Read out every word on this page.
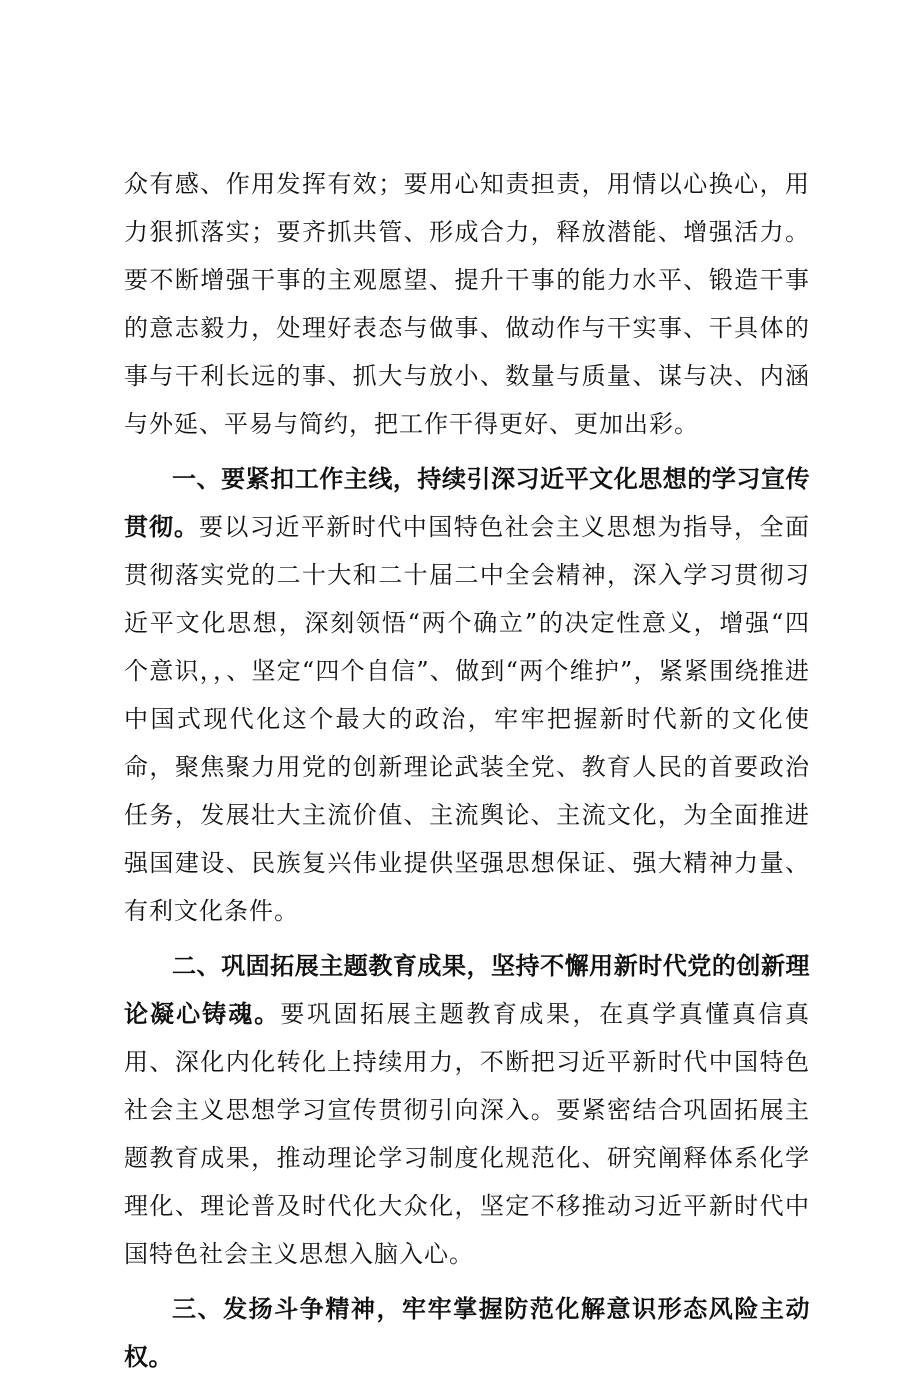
众有感、作用发挥有效；要用心知责担责，用情以心换心，用力狠抓落实；要齐抓共管、形成合力，释放潜能、增强活力。要不断增强干事的主观愿望、提升干事的能力水平、锻造干事的意志毅力，处理好表态与做事、做动作与干实事、干具体的事与干利长远的事、抓大与放小、数量与质量、谋与决、内涵与外延、平易与简约，把工作干得更好、更加出彩。

一、要紧扣工作主线，持续引深习近平文化思想的学习宣传贯彻。要以习近平新时代中国特色社会主义思想为指导，全面贯彻落实党的二十大和二十届二中全会精神，深入学习贯彻习近平文化思想，深刻领悟“两个确立”的决定性意义，增强“四个意识，，、坚定“四个自信”、做到“两个维护”，紧紧围绕推进中国式现代化这个最大的政治，牢牢把握新时代新的文化使命，聚焦聚力用党的创新理论武装全党、教育人民的首要政治任务，发展壮大主流价值、主流舆论、主流文化，为全面推进强国建设、民族复兴伟业提供坚强思想保证、强大精神力量、有利文化条件。

二、巩固拓展主题教育成果，坚持不懈用新时代党的创新理论凝心铸魂。要巩固拓展主题教育成果，在真学真懂真信真用、深化内化转化上持续用力，不断把习近平新时代中国特色社会主义思想学习宣传贯彻引向深入。要紧密结合巩固拓展主题教育成果，推动理论学习制度化规范化、研究阐释体系化学理化、理论普及时代化大众化，坚定不移推动习近平新时代中国特色社会主义思想入脑入心。

三、发扬斗争精神，牢牢掌握防范化解意识形态风险主动权。
